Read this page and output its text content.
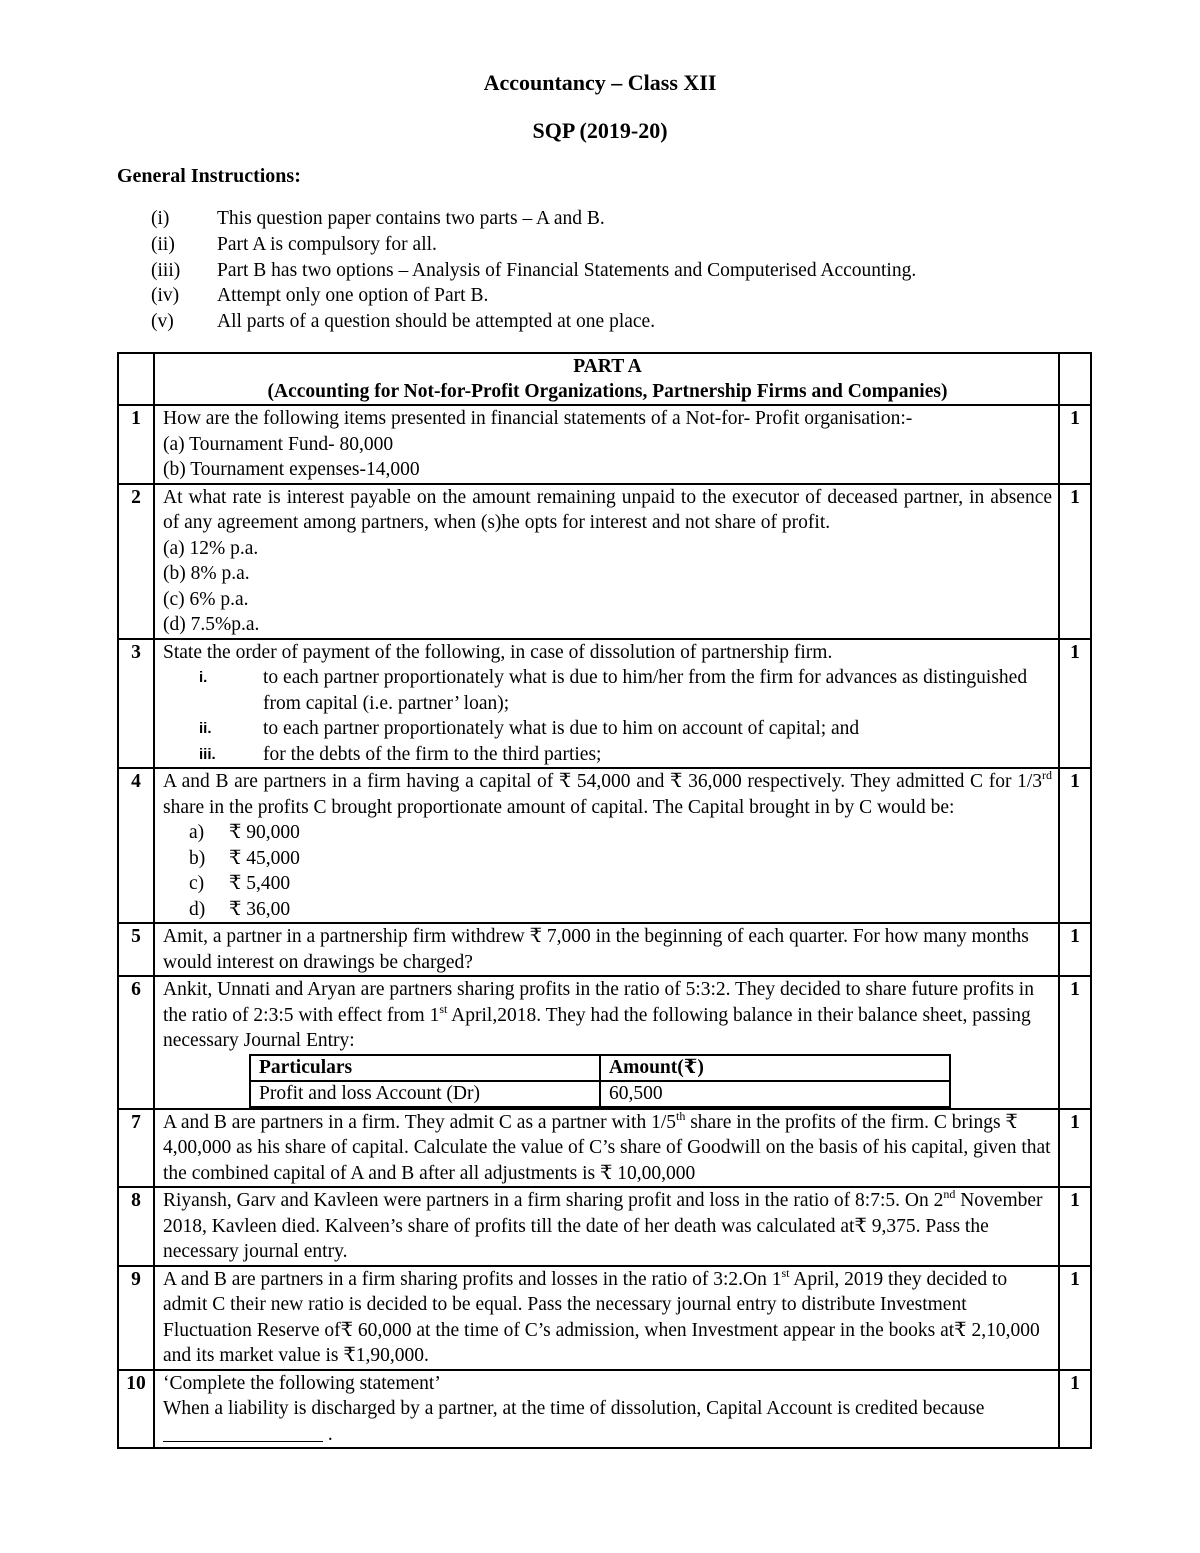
Accountancy – Class XII
SQP (2019-20)
General Instructions:
(i)	This question paper contains two parts – A and B.
(ii)	Part A is compulsory for all.
(iii)	Part B has two options – Analysis of Financial Statements and Computerised Accounting.
(iv)	Attempt only one option of Part B.
(v)	All parts of a question should be attempted at one place.

PART A
(Accounting for Not-for-Profit Organizations, Partnership Firms and Companies)

1	How are the following items presented in financial statements of a Not-for- Profit organisation:-
(a) Tournament Fund- 80,000
(b) Tournament expenses-14,000
	1
2	At what rate is interest payable on the amount remaining unpaid to the executor of deceased partner, in absence of any agreement among partners, when (s)he opts for interest and not share of profit.
(a) 12% p.a.
(b) 8% p.a.
(c) 6% p.a.
(d) 7.5%p.a.
	1
3	State the order of payment of the following, in case of dissolution of partnership firm.
i.	to each partner proportionately what is due to him/her from the firm for advances as distinguished from capital (i.e. partner’ loan);
ii.	to each partner proportionately what is due to him on account of capital; and
iii. for the debts of the firm to the third parties;
	1
4	A and B are partners in a firm having a capital of ₹ 54,000 and ₹ 36,000 respectively. They admitted C for 1/3rd share in the profits C brought proportionate amount of capital. The Capital brought in by C would be:
a) ₹ 90,000
b) ₹ 45,000
c) ₹ 5,400
d) ₹ 36,00
	1
5	Amit, a partner in a partnership firm withdrew ₹ 7,000 in the beginning of each quarter. For how many months would interest on drawings be charged?
	1
6	Ankit, Unnati and Aryan are partners sharing profits in the ratio of 5:3:2. They decided to share future profits in the ratio of 2:3:5 with effect from 1st April,2018. They had the following balance in their balance sheet, passing necessary Journal Entry:
Particulars	Amount(₹)
Profit and loss Account (Dr)	60,500
	1
7	A and B are partners in a firm. They admit C as a partner with 1/5th share in the profits of the firm. C brings ₹ 4,00,000 as his share of capital. Calculate the value of C’s share of Goodwill on the basis of his capital, given that the combined capital of A and B after all adjustments is ₹ 10,00,000
	1
8	Riyansh, Garv and Kavleen were partners in a firm sharing profit and loss in the ratio of 8:7:5. On 2nd November 2018, Kavleen died. Kalveen’s share of profits till the date of her death was calculated at₹ 9,375. Pass the necessary journal entry.
	1
9	A and B are partners in a firm sharing profits and losses in the ratio of 3:2.On 1st April, 2019 they decided to admit C their new ratio is decided to be equal. Pass the necessary journal entry to distribute Investment Fluctuation Reserve of₹ 60,000 at the time of C’s admission, when Investment appear in the books at₹ 2,10,000 and its market value is ₹1,90,000.
	1
10	‘Complete the following statement’
When a liability is discharged by a partner, at the time of dissolution, Capital Account is credited because  .
	1
